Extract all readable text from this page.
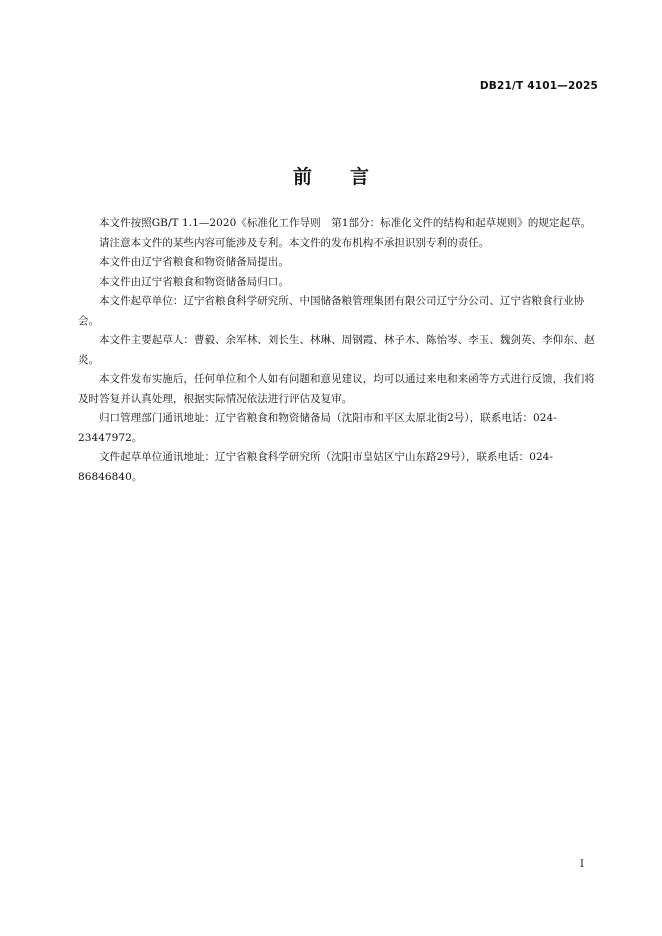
DB21/T 4101—2025
前　　言

本文件按照GB/T 1.1—2020《标准化工作导则　第1部分：标准化文件的结构和起草规则》的规定起草。

请注意本文件的某些内容可能涉及专利。本文件的发布机构不承担识别专利的责任。

本文件由辽宁省粮食和物资储备局提出。

本文件由辽宁省粮食和物资储备局归口。

本文件起草单位：辽宁省粮食科学研究所、中国储备粮管理集团有限公司辽宁分公司、辽宁省粮食行业协会。

本文件主要起草人：曹毅、余军林、刘长生、林琳、周钢霞、林子木、陈怡岑、李玉、魏剑英、李仰东、赵炎。

本文件发布实施后，任何单位和个人如有问题和意见建议，均可以通过来电和来函等方式进行反馈，我们将及时答复并认真处理，根据实际情况依法进行评估及复审。

归口管理部门通讯地址：辽宁省粮食和物资储备局（沈阳市和平区太原北街2号），联系电话：024-23447972。

文件起草单位通讯地址：辽宁省粮食科学研究所（沈阳市皇姑区宁山东路29号），联系电话：024-86846840。

I
